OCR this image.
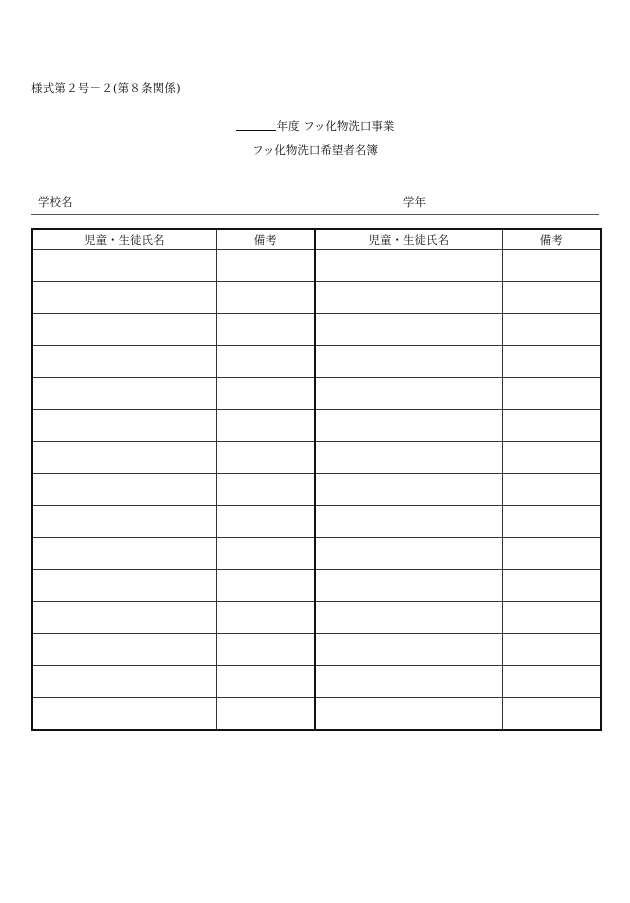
様式第２号－２(第８条関係)
年度 フッ化物洗口事業
フッ化物洗口希望者名簿
学校名	学年
児童・生徒氏名	備考	児童・生徒氏名	備考
